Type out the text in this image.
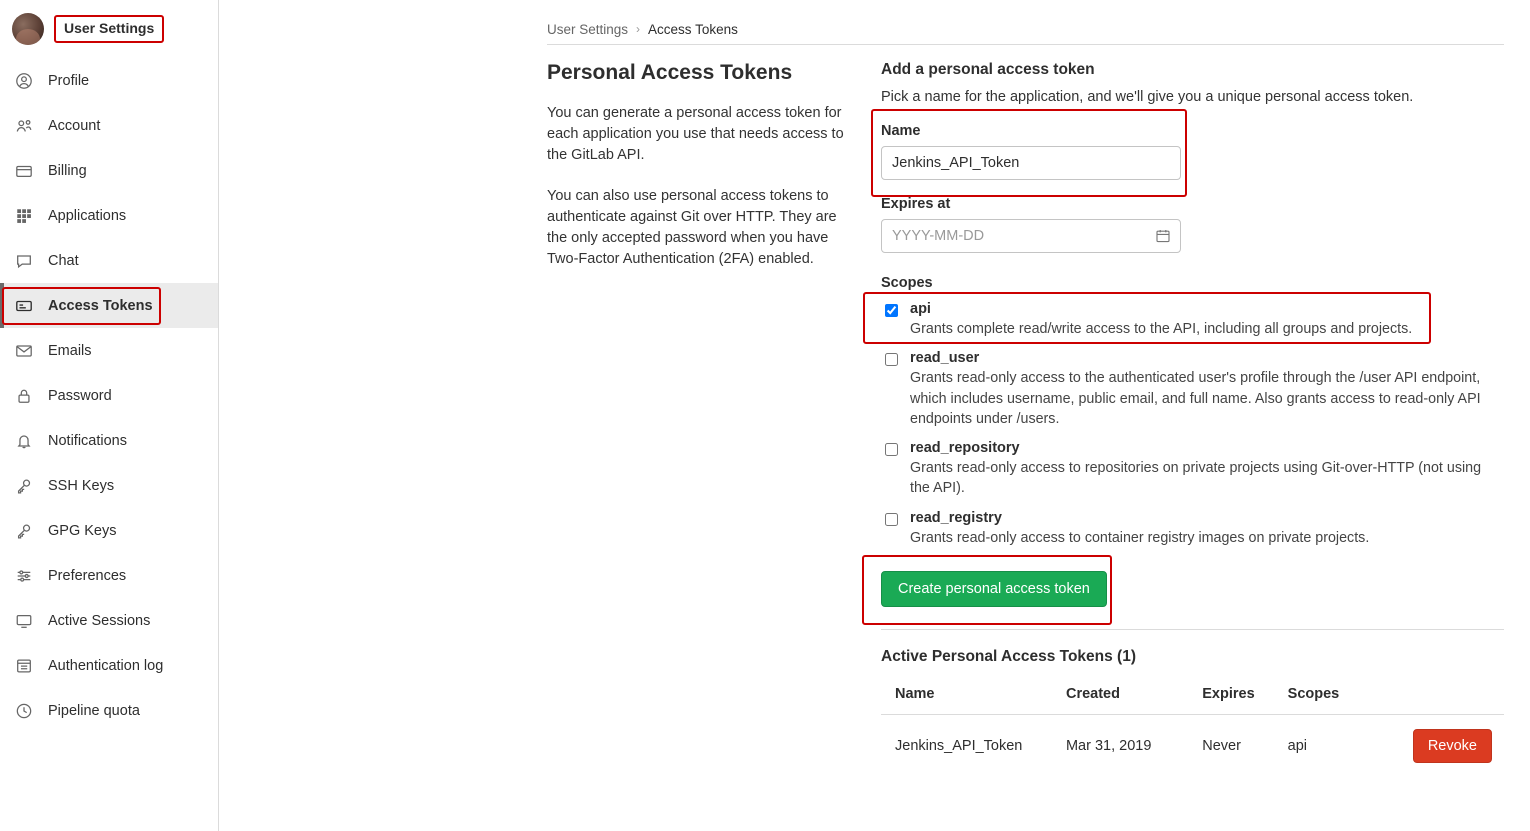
User Settings
Profile
Account
Billing
Applications
Chat
Access Tokens
Emails
Password
Notifications
SSH Keys
GPG Keys
Preferences
Active Sessions
Authentication log
Pipeline quota
User Settings › Access Tokens
Personal Access Tokens

You can generate a personal access token for each application you use that needs access to the GitLab API.

You can also use personal access tokens to authenticate against Git over HTTP. They are the only accepted password when you have Two-Factor Authentication (2FA) enabled.

Add a personal access token

Pick a name for the application, and we'll give you a unique personal access token.

Name
Jenkins_API_Token
Expires at
YYYY-MM-DD
Scopes
api
Grants complete read/write access to the API, including all groups and projects.
read_user
Grants read-only access to the authenticated user's profile through the /user API endpoint, which includes username, public email, and full name. Also grants access to read-only API endpoints under /users.
read_repository
Grants read-only access to repositories on private projects using Git-over-HTTP (not using the API).
read_registry
Grants read-only access to container registry images on private projects.
Create personal access token
Active Personal Access Tokens (1)
Name	Created	Expires	Scopes	
Jenkins_API_Token	Mar 31, 2019	Never	api	Revoke
